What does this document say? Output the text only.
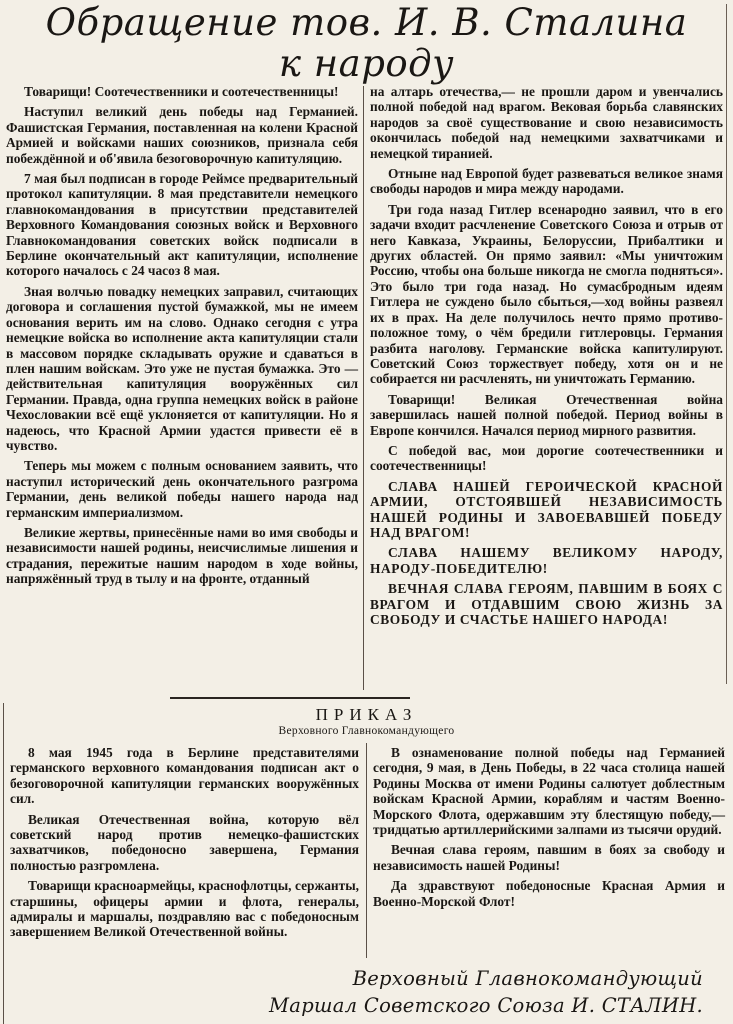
Обращение тов. И. В. Сталина
к народу

Товарищи! Соотечественники и соотечественницы!

Наступил великий день победы над Германией. Фашистская Германия, поставленная на колени Красной Армией и войсками наших союзников, признала себя побеждённой и об'явила безоговорочную капитуляцию.

7 мая был подписан в городе Реймсе предварительный протокол капитуляции. 8 мая представители немецкого главнокомандования в присутствии представителей Верховного Командования союзных войск и Верховного Главнокомандования советских войск подписали в Берлине окончательный акт капитуляции, исполнение которого началось с 24 часоз 8 мая.

Зная волчью повадку немецких заправил, считающих договора и соглашения пустой бумажкой, мы не имеем основания верить им на слово. Однако сегодня с утра немецкие войска во исполнение акта капитуляции стали в массовом порядке складывать оружие и сдаваться в плен нашим войскам. Это уже не пустая бумажка. Это — действительная капитуляция вооружённых сил Германии. Правда, одна группа немецких войск в районе Чехословакии всё ещё уклоняется от капитуляции. Но я надеюсь, что Красной Армии удастся привести её в чувство.

Теперь мы можем с полным основанием заявить, что наступил исторический день окончательного разгрома Германии, день великой победы нашего народа над германским империализмом.

Великие жертвы, принесённые нами во имя свободы и независимости нашей родины, неисчислимые лишения и страдания, пережитые нашим народом в ходе войны, напряжённый труд в тылу и на фронте, отданный

на алтарь отечества,— не прошли даром и увенчались полной победой над врагом. Вековая борьба славянских народов за своё существование и свою независимость окончилась победой над немецкими захватчиками и немецкой тиранией.

Отныне над Европой будет развеваться великое знамя свободы народов и мира между народами.

Три года назад Гитлер всенародно заявил, что в его задачи входит расчленение Советского Союза и отрыв от него Кавказа, Украины, Белоруссии, Прибалтики и других областей. Он прямо заявил: «Мы уничтожим Россию, чтобы она больше никогда не смогла подняться». Это было три года назад. Но сумасбродным идеям Гитлера не суждено было сбыться,—ход войны развеял их в прах. На деле получилось нечто прямо противоположное тому, о чём бредили гитлеровцы. Германия разбита наголову. Германские войска капитулируют. Советский Союз торжествует победу, хотя он и не собирается ни расчленять, ни уничтожать Германию.

Товарищи! Великая Отечественная война завершилась нашей полной победой. Период войны в Европе кончился. Начался период мирного развития.

С победой вас, мои дорогие соотечественники и соотечественницы!

СЛАВА НАШЕЙ ГЕРОИЧЕСКОЙ КРАСНОЙ АРМИИ, ОТСТОЯВШЕЙ НЕЗАВИСИМОСТЬ НАШЕЙ РОДИНЫ И ЗАВОЕВАВШЕЙ ПОБЕДУ НАД ВРАГОМ!

СЛАВА НАШЕМУ ВЕЛИКОМУ НАРОДУ, НАРОДУ-ПОБЕДИТЕЛЮ!

ВЕЧНАЯ СЛАВА ГЕРОЯМ, ПАВШИМ В БОЯХ С ВРАГОМ И ОТДАВШИМ СВОЮ ЖИЗНЬ ЗА СВОБОДУ И СЧАСТЬЕ НАШЕГО НАРОДА!

ПРИКАЗ
Верховного Главнокомандующего

8 мая 1945 года в Берлине представителями германского верховного командования подписан акт о безоговорочной капитуляции германских вооружённых сил.

Великая Отечественная война, которую вёл советский народ против немецко-фашистских захватчиков, победоносно завершена, Германия полностью разгромлена.

Товарищи красноармейцы, краснофлотцы, сержанты, старшины, офицеры армии и флота, генералы, адмиралы и маршалы, поздравляю вас с победоносным завершением Великой Отечественной войны.

В ознаменование полной победы над Германией сегодня, 9 мая, в День Победы, в 22 часа столица нашей Родины Москва от имени Родины салютует доблестным войскам Красной Армии, кораблям и частям Военно-Морского Флота, одержавшим эту блестящую победу,— тридцатью артиллерийскими залпами из тысячи орудий.

Вечная слава героям, павшим в боях за свободу и независимость нашей Родины!

Да здравствуют победоносные Красная Армия и Военно-Морской Флот!

Верховный Главнокомандующий
Маршал Советского Союза И. СТАЛИН.
